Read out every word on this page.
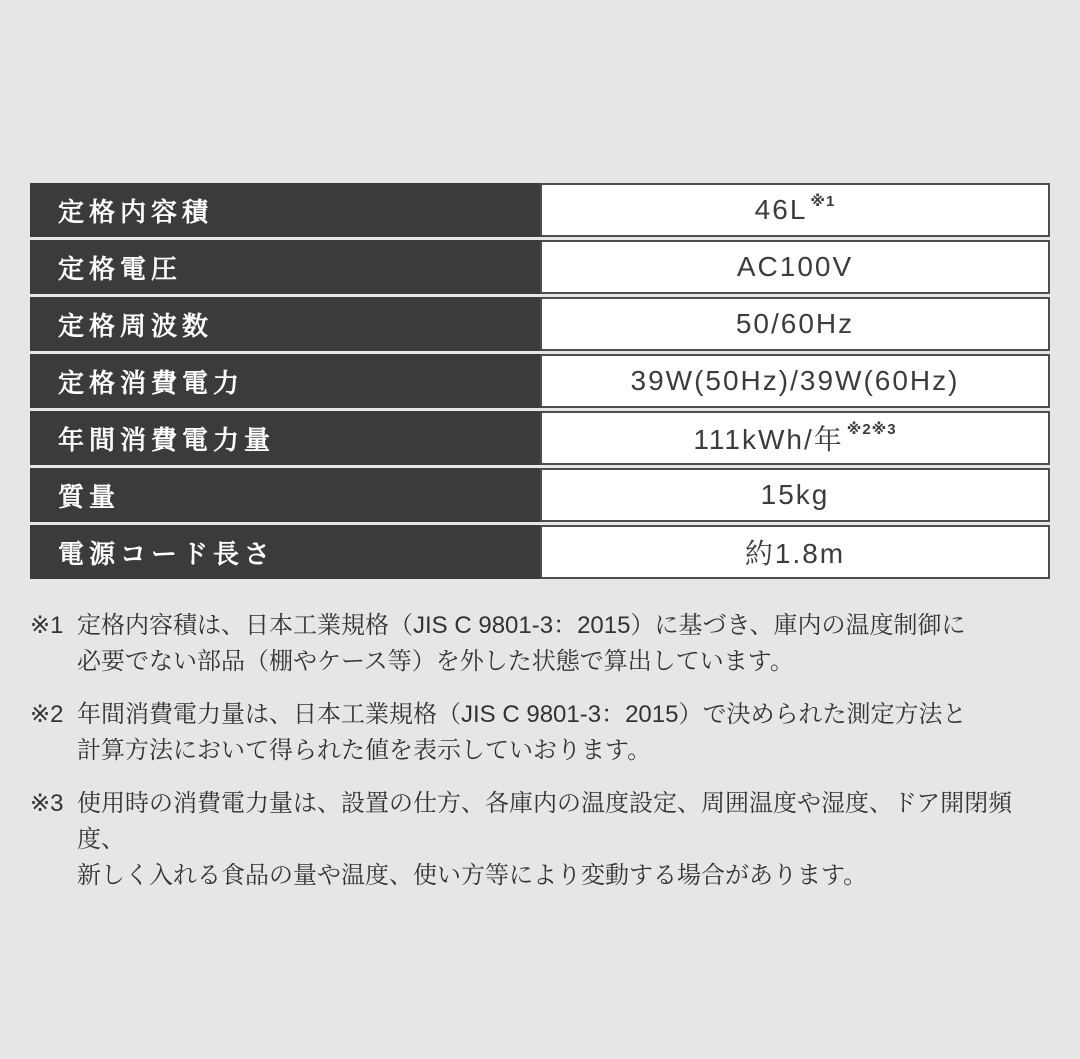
定格内容積	46L ※1
定格電圧	AC100V
定格周波数	50/60Hz
定格消費電力	39W(50Hz)/39W(60Hz)
年間消費電力量	111kWh/年 ※2※3
質量	15kg
電源コード長さ	約1.8m
※1 定格内容積は、日本工業規格（JIS C 9801-3：2015）に基づき、庫内の温度制御に
必要でない部品（棚やケース等）を外した状態で算出しています。
※2 年間消費電力量は、日本工業規格（JIS C 9801-3：2015）で決められた測定方法と
計算方法において得られた値を表示していおります。
※3 使用時の消費電力量は、設置の仕方、各庫内の温度設定、周囲温度や湿度、ドア開閉頻度、
新しく入れる食品の量や温度、使い方等により変動する場合があります。
